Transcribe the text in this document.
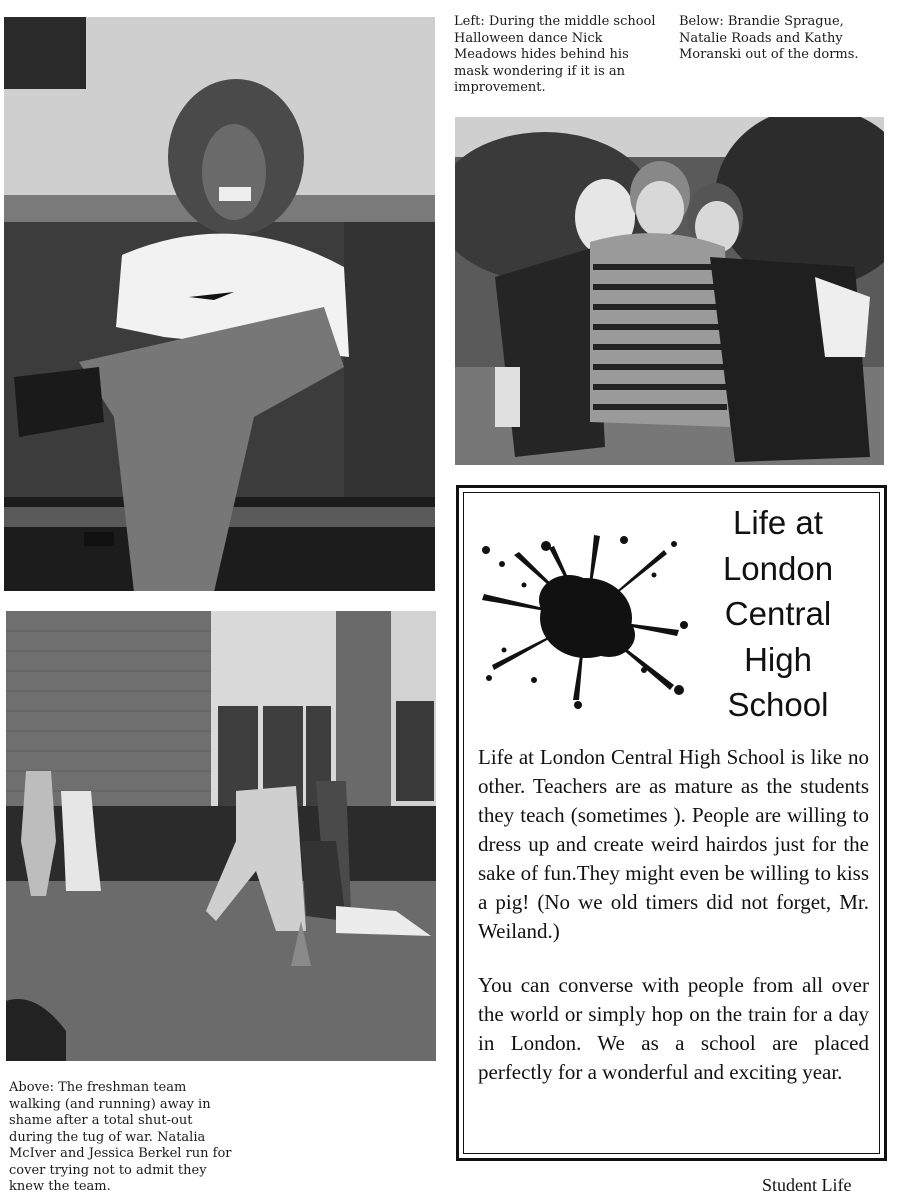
Left: During the middle school Halloween dance Nick Meadows hides behind his mask wondering if it is an improvement.
Below: Brandie Sprague, Natalie Roads and Kathy Moranski out of the dorms.
Above: The freshman team walking (and running) away in shame after a total shut-out during the tug of war. Natalia McIver and Jessica Berkel run for cover trying not to admit they knew the team.
Life at London Central High School
Life at London Central High School is like no other. Teachers are as mature as the students they teach (sometimes ). People are willing to dress up and create weird hairdos just for the sake of fun.They might even be willing to kiss a pig! (No we old timers did not forget, Mr. Weiland.)
You can converse with people from all over the world or simply hop on the train for a day in London. We as a school are placed perfectly for a wonderful and exciting year.
Student Life
